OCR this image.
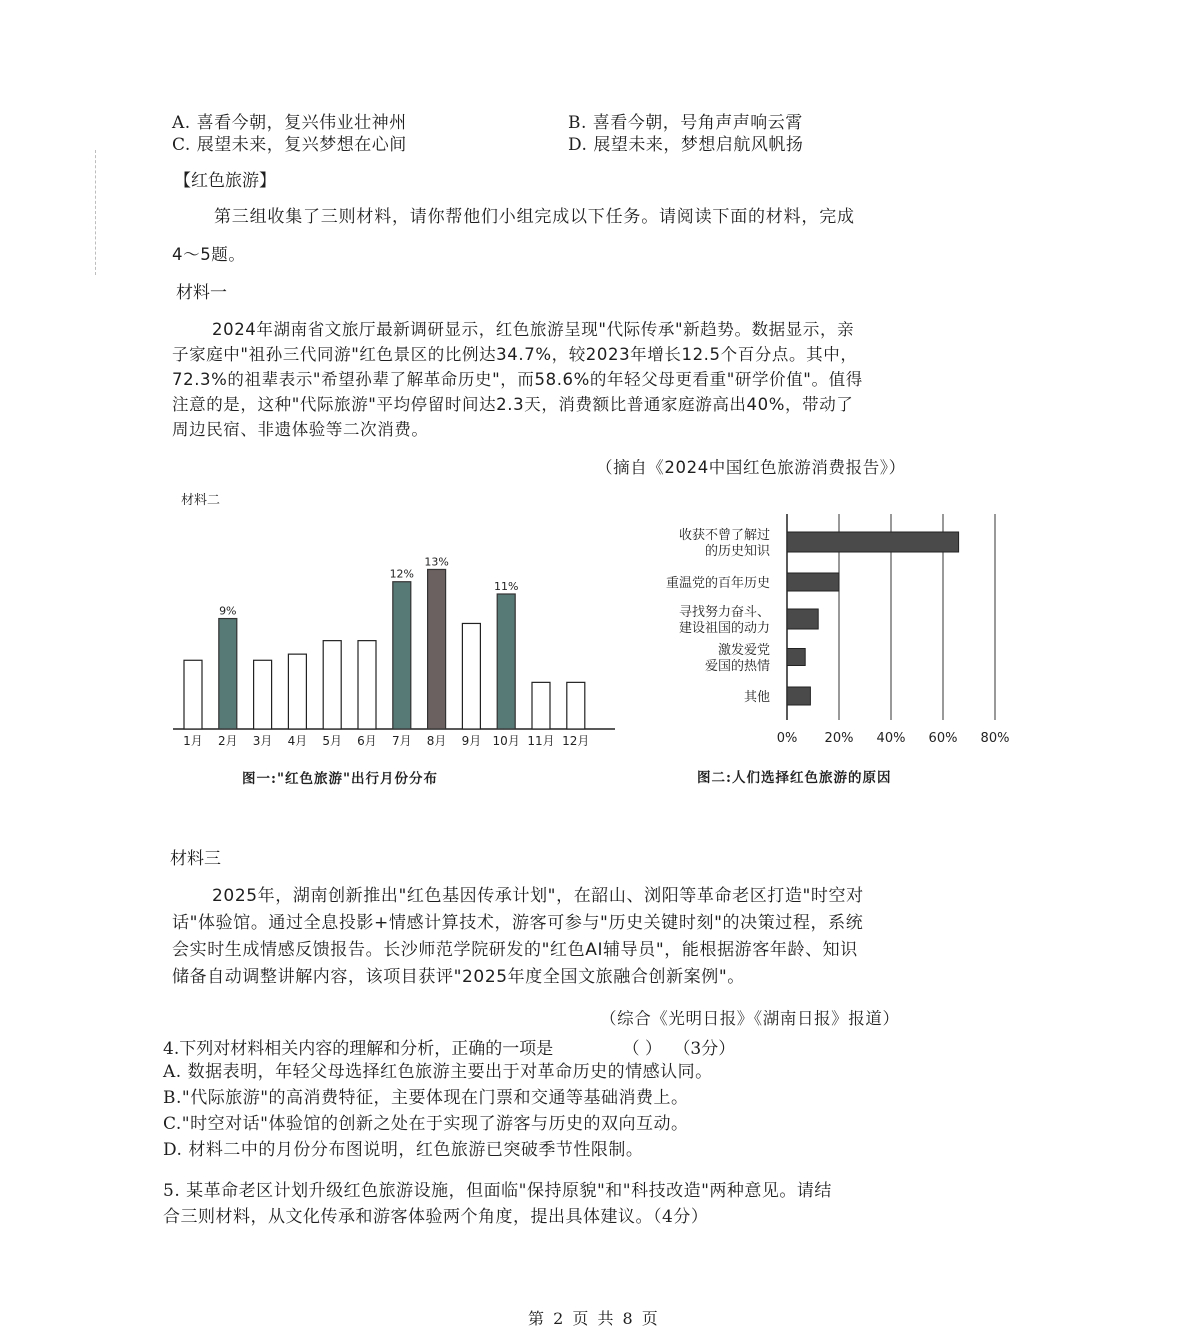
A. 喜看今朝，复兴伟业壮神州	B. 喜看今朝，号角声声响云霄
C. 展望未来，复兴梦想在心间	D. 展望未来，梦想启航风帆扬
【红色旅游】
第三组收集了三则材料，请你帮他们小组完成以下任务。请阅读下面的材料，完成
4～5题。
材料一
2024年湖南省文旅厅最新调研显示，红色旅游呈现"代际传承"新趋势。数据显示，亲
子家庭中"祖孙三代同游"红色景区的比例达34.7%，较2023年增长12.5个百分点。其中，
72.3%的祖辈表示"希望孙辈了解革命历史"，而58.6%的年轻父母更看重"研学价值"。值得
注意的是，这种"代际旅游"平均停留时间达2.3天，消费额比普通家庭游高出40%，带动了
周边民宿、非遗体验等二次消费。
（摘自《2024中国红色旅游消费报告》）
材料二
1月 2月
9%
3月 4月 5月 6月 7月
12%
8月
13%
9月 10月
11%
11月 12月	0% 20% 40% 60% 80%
收获不曾了解过
的历史知识
重温党的百年历史
寻找努力奋斗、
建设祖国的动力
激发爱党
爱国的热情
其他
图一:"红色旅游"出行月份分布	图二:人们选择红色旅游的原因
材料三
2025年，湖南创新推出"红色基因传承计划"，在韶山、浏阳等革命老区打造"时空对
话"体验馆。通过全息投影+情感计算技术，游客可参与"历史关键时刻"的决策过程，系统
会实时生成情感反馈报告。长沙师范学院研发的"红色AI辅导员"，能根据游客年龄、知识
储备自动调整讲解内容，该项目获评"2025年度全国文旅融合创新案例"。
（综合《光明日报》《湖南日报》报道）
4.下列对材料相关内容的理解和分析，正确的一项是	（ ） （3分）
A. 数据表明，年轻父母选择红色旅游主要出于对革命历史的情感认同。
B."代际旅游"的高消费特征，主要体现在门票和交通等基础消费上。
C."时空对话"体验馆的创新之处在于实现了游客与历史的双向互动。
D. 材料二中的月份分布图说明，红色旅游已突破季节性限制。
5. 某革命老区计划升级红色旅游设施，但面临"保持原貌"和"科技改造"两种意见。请结
合三则材料，从文化传承和游客体验两个角度，提出具体建议。（4分）
第 2 页 共 8 页
